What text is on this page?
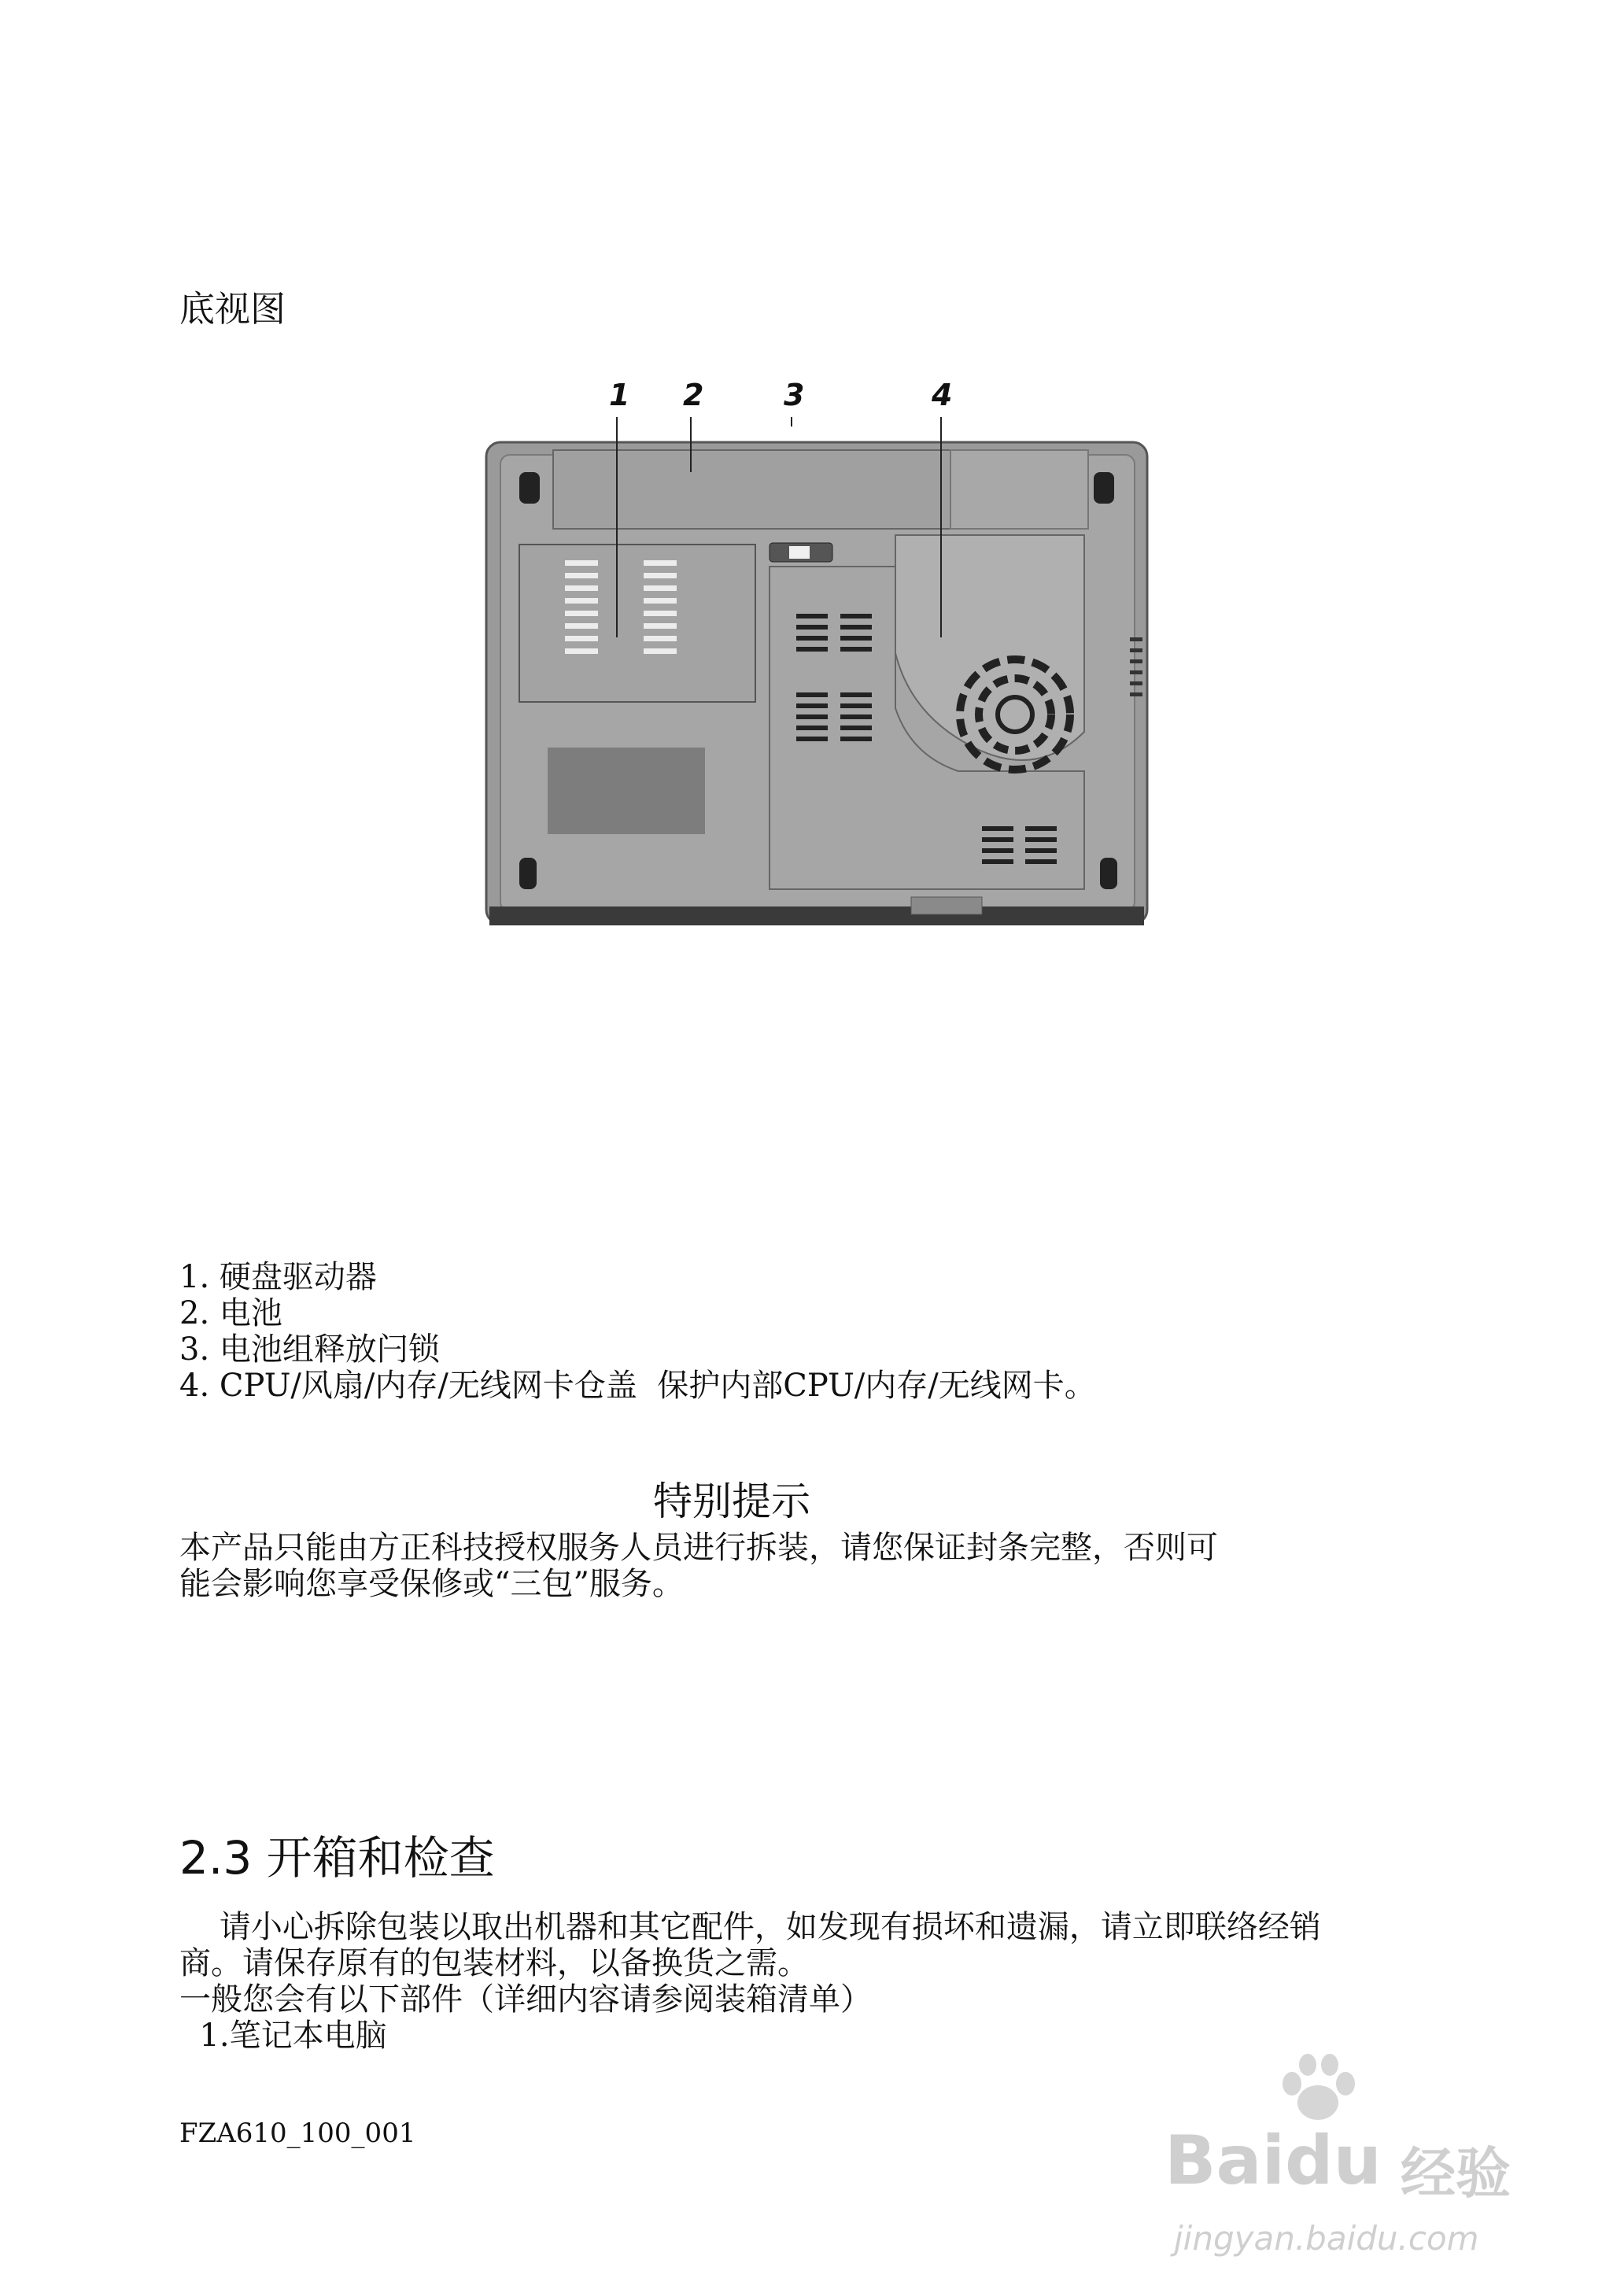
底视图
1 2	3	4
1. 硬盘驱动器
2. 电池
3. 电池组释放闩锁
4. CPU/风扇/内存/无线网卡仓盖  保护内部CPU/内存/无线网卡。
特别提示
本产品只能由方正科技授权服务人员进行拆装，请您保证封条完整，否则可
能会影响您享受保修或“三包”服务。
2.3 开箱和检查
请小心拆除包装以取出机器和其它配件，如发现有损坏和遗漏，请立即联络经销
商。请保存原有的包装材料，以备换货之需。
一般您会有以下部件（详细内容请参阅装箱清单）
1.笔记本电脑
FZA610_100_001	Baidu 经验
jingyan.baidu.com
